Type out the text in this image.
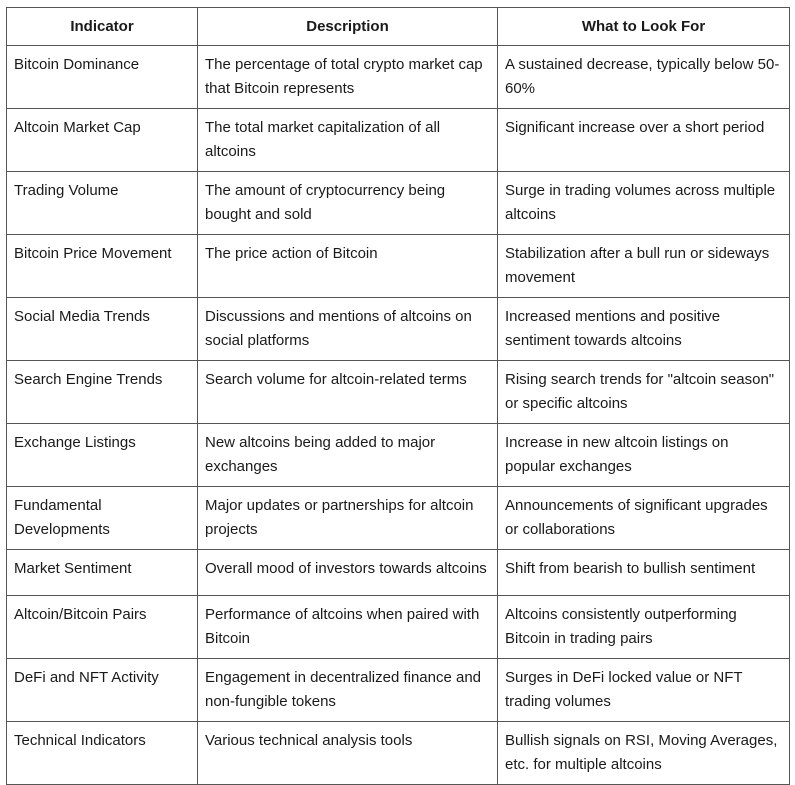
Indicator	Description	What to Look For
Bitcoin Dominance	The percentage of total crypto market cap that Bitcoin represents	A sustained decrease, typically below 50-60%
Altcoin Market Cap	The total market capitalization of all altcoins	Significant increase over a short period
Trading Volume	The amount of cryptocurrency being bought and sold	Surge in trading volumes across multiple altcoins
Bitcoin Price Movement	The price action of Bitcoin	Stabilization after a bull run or sideways movement
Social Media Trends	Discussions and mentions of altcoins on social platforms	Increased mentions and positive sentiment towards altcoins
Search Engine Trends	Search volume for altcoin-related terms	Rising search trends for "altcoin season" or specific altcoins
Exchange Listings	New altcoins being added to major exchanges	Increase in new altcoin listings on popular exchanges
Fundamental Developments	Major updates or partnerships for altcoin projects	Announcements of significant upgrades or collaborations
Market Sentiment	Overall mood of investors towards altcoins	Shift from bearish to bullish sentiment
Altcoin/Bitcoin Pairs	Performance of altcoins when paired with Bitcoin	Altcoins consistently outperforming Bitcoin in trading pairs
DeFi and NFT Activity	Engagement in decentralized finance and non-fungible tokens	Surges in DeFi locked value or NFT trading volumes
Technical Indicators	Various technical analysis tools	Bullish signals on RSI, Moving Averages, etc. for multiple altcoins
